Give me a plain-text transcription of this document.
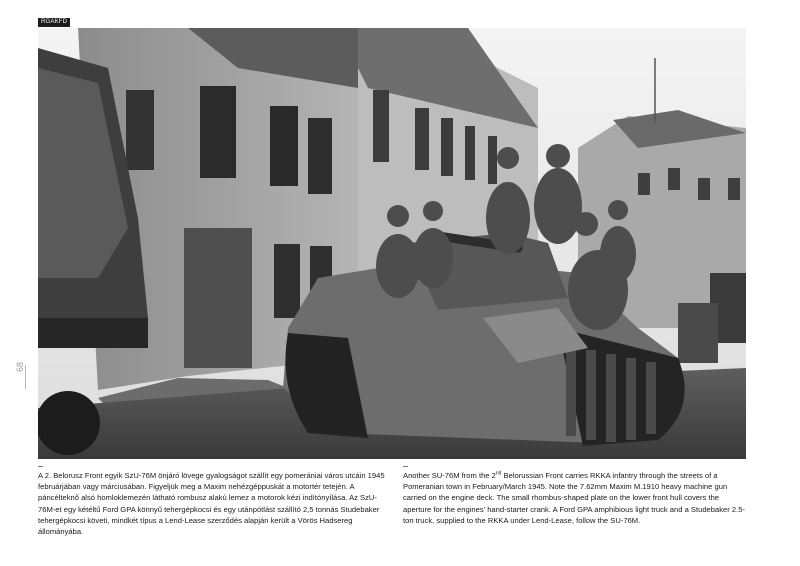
RGAKFD
68
A 2. Belorusz Front egyik SzU-76M önjáró lövege gyalogságot szállít egy pomerániai város utcáin 1945 februárjában vagy márciusában. Figyeljük meg a Maxim nehézgéppuskát a motortér tetején. A páncélteknő alsó homloklemezén látható rombusz alakú lemez a motorok kézi indítónyílása. Az SzU-76M-et egy kétéltű Ford GPA könnyű tehergépkocsi és egy utánpótlást szállító 2,5 tonnás Studebaker tehergépkocsi követi, mindkét típus a Lend-Lease szerződés alapján került a Vörös Hadsereg állományába.
Another SU-76M from the 2nd Belorussian Front carries RKKA infantry through the streets of a Pomeranian town in February/March 1945. Note the 7.62mm Maxim M.1910 heavy machine gun carried on the engine deck. The small rhombus-shaped plate on the lower front hull covers the aperture for the engines' hand-starter crank. A Ford GPA amphibious light truck and a Studebaker 2.5-ton truck, supplied to the RKKA under Lend-Lease, follow the SU-76M.
